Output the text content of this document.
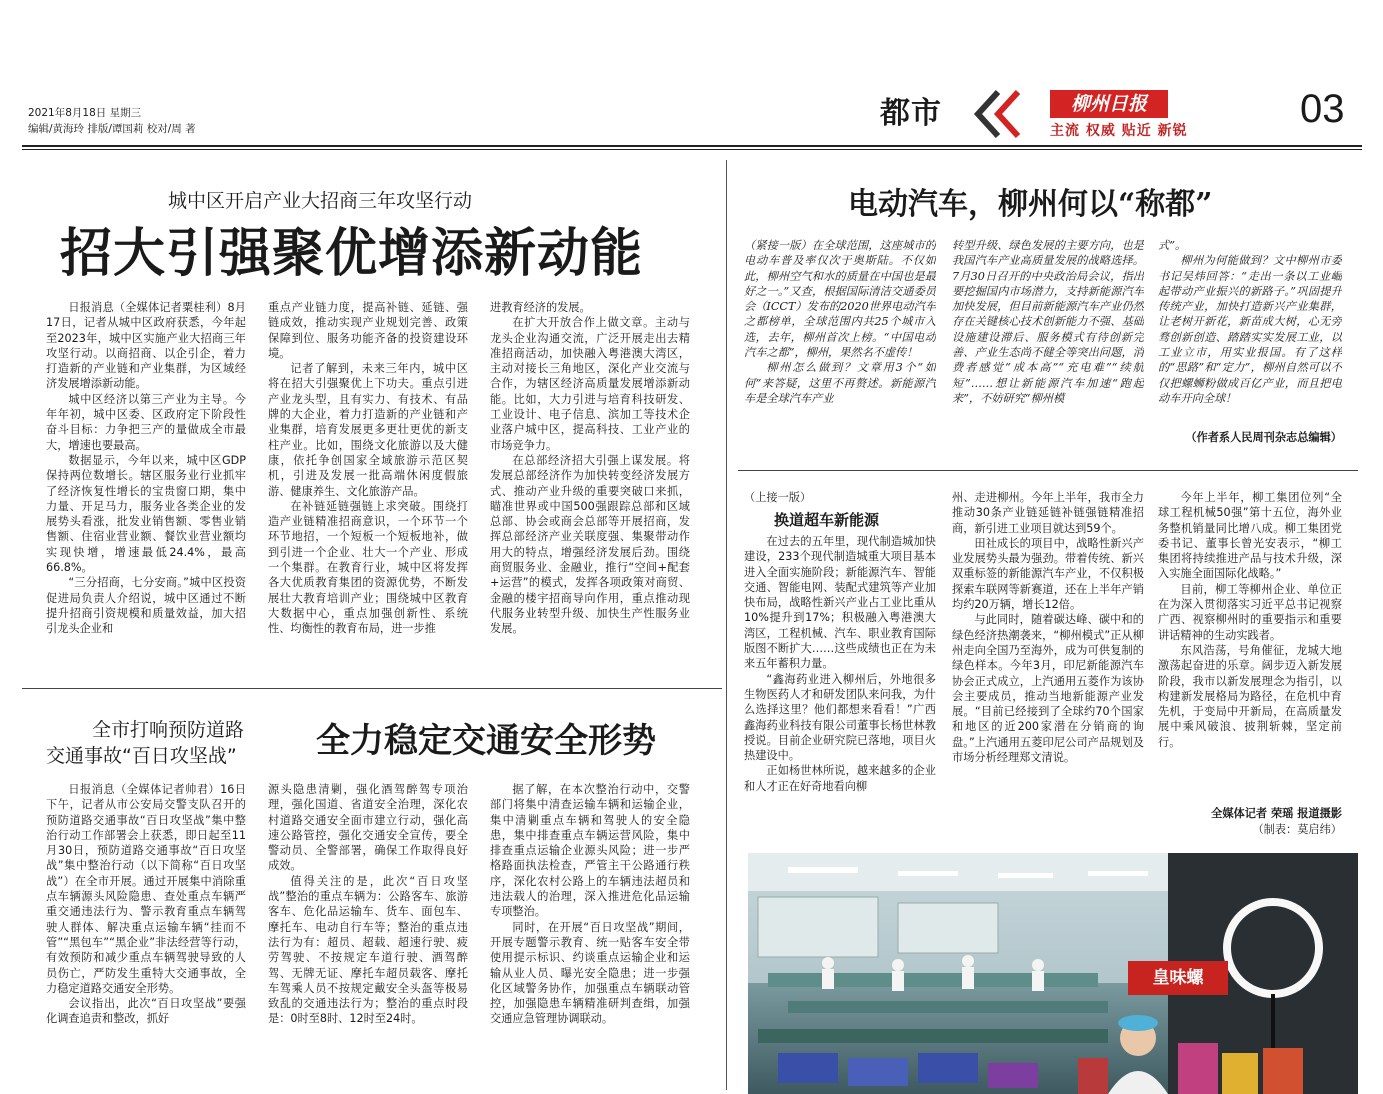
2021年8月18日 星期三
编辑/黄海玲 排版/谭国莉 校对/周 著	都市	柳州日报
主流 权威 贴近 新锐	03
城中区开启产业大招商三年攻坚行动
招大引强聚优增添新动能

日报消息（全媒体记者粟桂利）8月17日，记者从城中区政府获悉，今年起至2023年，城中区实施产业大招商三年攻坚行动。以商招商、以企引企，着力打造新的产业链和产业集群，为区域经济发展增添新动能。

城中区经济以第三产业为主导。今年年初，城中区委、区政府定下阶段性奋斗目标：力争把三产的量做成全市最大，增速也要最高。

数据显示，今年以来，城中区GDP保持两位数增长。辖区服务业行业抓牢了经济恢复性增长的宝贵窗口期，集中力量、开足马力，服务业各类企业的发展势头看涨，批发业销售额、零售业销售额、住宿业营业额、餐饮业营业额均实现快增，增速最低24.4%，最高66.8%。

“三分招商，七分安商。”城中区投资促进局负责人介绍说，城中区通过不断提升招商引资规模和质量效益，加大招引龙头企业和

重点产业链力度，提高补链、延链、强链成效，推动实现产业规划完善、政策保障到位、服务功能齐备的投资建设环境。

记者了解到，未来三年内，城中区将在招大引强聚优上下功夫。重点引进产业龙头型，且有实力、有技术、有品牌的大企业，着力打造新的产业链和产业集群，培育发展更多更壮更优的新支柱产业。比如，围绕文化旅游以及大健康，依托争创国家全域旅游示范区契机，引进及发展一批高端休闲度假旅游、健康养生、文化旅游产品。

在补链延链强链上求突破。围绕打造产业链精准招商意识，一个环节一个环节地招，一个短板一个短板地补，做到引进一个企业、壮大一个产业、形成一个集群。在教育行业，城中区将发挥各大优质教育集团的资源优势，不断发展壮大教育培训产业；围绕城中区教育大数据中心，重点加强创新性、系统性、均衡性的教育布局，进一步推

进教育经济的发展。

在扩大开放合作上做文章。主动与龙头企业沟通交流，广泛开展走出去精准招商活动，加快融入粤港澳大湾区，主动对接长三角地区，深化产业交流与合作，为辖区经济高质量发展增添新动能。比如，大力引进与培育科技研发、工业设计、电子信息、滨加工等技术企业落户城中区，提高科技、工业产业的市场竞争力。

在总部经济招大引强上谋发展。将发展总部经济作为加快转变经济发展方式、推动产业升级的重要突破口来抓，瞄准世界或中国500强跟踪总部和区域总部、协会或商会总部等开展招商，发挥总部经济产业关联度强、集聚带动作用大的特点，增强经济发展后劲。围绕商贸服务业、金融业，推行“空间+配套+运营”的模式，发挥各项政策对商贸、金融的楼宇招商导向作用，重点推动现代服务业转型升级、加快生产性服务业发展。

全市打响预防道路
交通事故“百日攻坚战” 全力稳定交通安全形势

日报消息（全媒体记者帅君）16日下午，记者从市公安局交警支队召开的预防道路交通事故“百日攻坚战”集中整治行动工作部署会上获悉，即日起至11月30日，预防道路交通事故“百日攻坚战”集中整治行动（以下简称“百日攻坚战”）在全市开展。通过开展集中消除重点车辆源头风险隐患、查处重点车辆严重交通违法行为、警示教育重点车辆驾驶人群体、解决重点运输车辆“挂而不管”“黑包车”“黑企业”非法经营等行动，有效预防和减少重点车辆驾驶导致的人员伤亡，严防发生重特大交通事故，全力稳定道路交通安全形势。

会议指出，此次“百日攻坚战”要强化调查追责和整改，抓好

源头隐患清剿，强化酒驾醉驾专项治理，强化国道、省道安全治理，深化农村道路交通安全面市建立行动，强化高速公路管控，强化交通安全宣传，要全警动员、全警部署，确保工作取得良好成效。

值得关注的是，此次“百日攻坚战”整治的重点车辆为：公路客车、旅游客车、危化品运输车、货车、面包车、摩托车、电动自行车等；整治的重点违法行为有：超员、超载、超速行驶、疲劳驾驶、不按规定车道行驶、酒驾醉驾、无牌无证、摩托车超员载客、摩托车驾乘人员不按规定戴安全头盔等极易致乱的交通违法行为；整治的重点时段是：0时至8时、12时至24时。

据了解，在本次整治行动中，交警部门将集中清查运输车辆和运输企业，集中清剿重点车辆和驾驶人的安全隐患，集中排查重点车辆运营风险，集中排查重点运输企业源头风险；进一步严格路面执法检查，严管主干公路通行秩序，深化农村公路上的车辆违法超员和违法载人的治理，深入推进危化品运输专项整治。

同时，在开展“百日攻坚战”期间，开展专题警示教育、统一贴客车安全带使用提示标识、约谈重点运输企业和运输从业人员、曝光安全隐患；进一步强化区域警务协作，加强重点车辆联动管控，加强隐患车辆精准研判查缉，加强交通应急管理协调联动。

电动汽车，柳州何以“称都”

（紧接一版）在全球范围，这座城市的电动车普及率仅次于奥斯陆。不仅如此，柳州空气和水的质量在中国也是最好之一。”又查，根据国际清洁交通委员会（ICCT）发布的2020世界电动汽车之都榜单，全球范围内共25个城市入选，去年，柳州首次上榜。“中国电动汽车之都”，柳州，果然名不虚传！

柳州怎么做到？文章用3个“如何”来答疑，这里不再赘述。新能源汽车是全球汽车产业

转型升级、绿色发展的主要方向，也是我国汽车产业高质量发展的战略选择。7月30日召开的中央政治局会议，指出要挖掘国内市场潜力，支持新能源汽车加快发展，但目前新能源汽车产业仍然存在关键核心技术创新能力不强、基础设施建设滞后、服务模式有待创新完善、产业生态尚不健全等突出问题，消费者感觉“成本高”“充电难”“续航短”……想让新能源汽车加速“跑起来”，不妨研究“柳州模

式”。

柳州为何能做到？文中柳州市委书记吴炜回答：“走出一条以工业崛起带动产业振兴的新路子。”巩固提升传统产业，加快打造新兴产业集群，让老树开新花，新苗成大树，心无旁骛创新创造、踏踏实实发展工业，以工业立市，用实业报国。有了这样的“思路”和“定力”，柳州自然可以不仅把螺蛳粉做成百亿产业，而且把电动车开向全球！

（作者系人民周刊杂志总编辑）

（上接一版）

换道超车新能源

在过去的五年里，现代制造城加快建设，233个现代制造城重大项目基本进入全面实施阶段；新能源汽车、智能交通、智能电网、装配式建筑等产业加快布局，战略性新兴产业占工业比重从10%提升到17%；积极融入粤港澳大湾区，工程机械、汽车、职业教育国际版图不断扩大……这些成绩也正在为未来五年蓄积力量。

“鑫海药业进入柳州后，外地很多生物医药人才和研发团队来问我，为什么选择这里？他们都想来看看！”广西鑫海药业科技有限公司董事长杨世林教授说。目前企业研究院已落地，项目火热建设中。

正如杨世林所说，越来越多的企业和人才正在好奇地看向柳

州、走进柳州。今年上半年，我市全力推动30条产业链延链补链强链精准招商，新引进工业项目就达到59个。

田社成长的项目中，战略性新兴产业发展势头最为强劲。带着传统、新兴双重标签的新能源汽车产业，不仅积极探索车联网等新赛道，还在上半年产销均约20万辆，增长12倍。

与此同时，随着碳达峰、碳中和的绿色经济热潮袭来，“柳州模式”正从柳州走向全国乃至海外，成为可供复制的绿色样本。今年3月，印尼新能源汽车协会正式成立，上汽通用五菱作为该协会主要成员，推动当地新能源产业发展。“目前已经接到了全球约70个国家和地区的近200家潜在分销商的询盘。”上汽通用五菱印尼公司产品规划及市场分析经理郑文清说。

今年上半年，柳工集团位列“全球工程机械50强”第十五位，海外业务整机销量同比增八成。柳工集团党委书记、董事长曾光安表示，“柳工集团将持续推进产品与技术升级，深入实施全面国际化战略。”

目前，柳工等柳州企业、单位正在为深入贯彻落实习近平总书记视察广西、视察柳州时的重要指示和重要讲话精神的生动实践者。

东风浩荡，号角催征，龙城大地激荡起奋进的乐章。阔步迈入新发展阶段，我市以新发展理念为指引，以构建新发展格局为路径，在危机中育先机，于变局中开新局，在高质量发展中乘风破浪、披荆斩棘，坚定前行。

全媒体记者 荣瑶 报道摄影
（制表：莫启纬）
皇味螺
